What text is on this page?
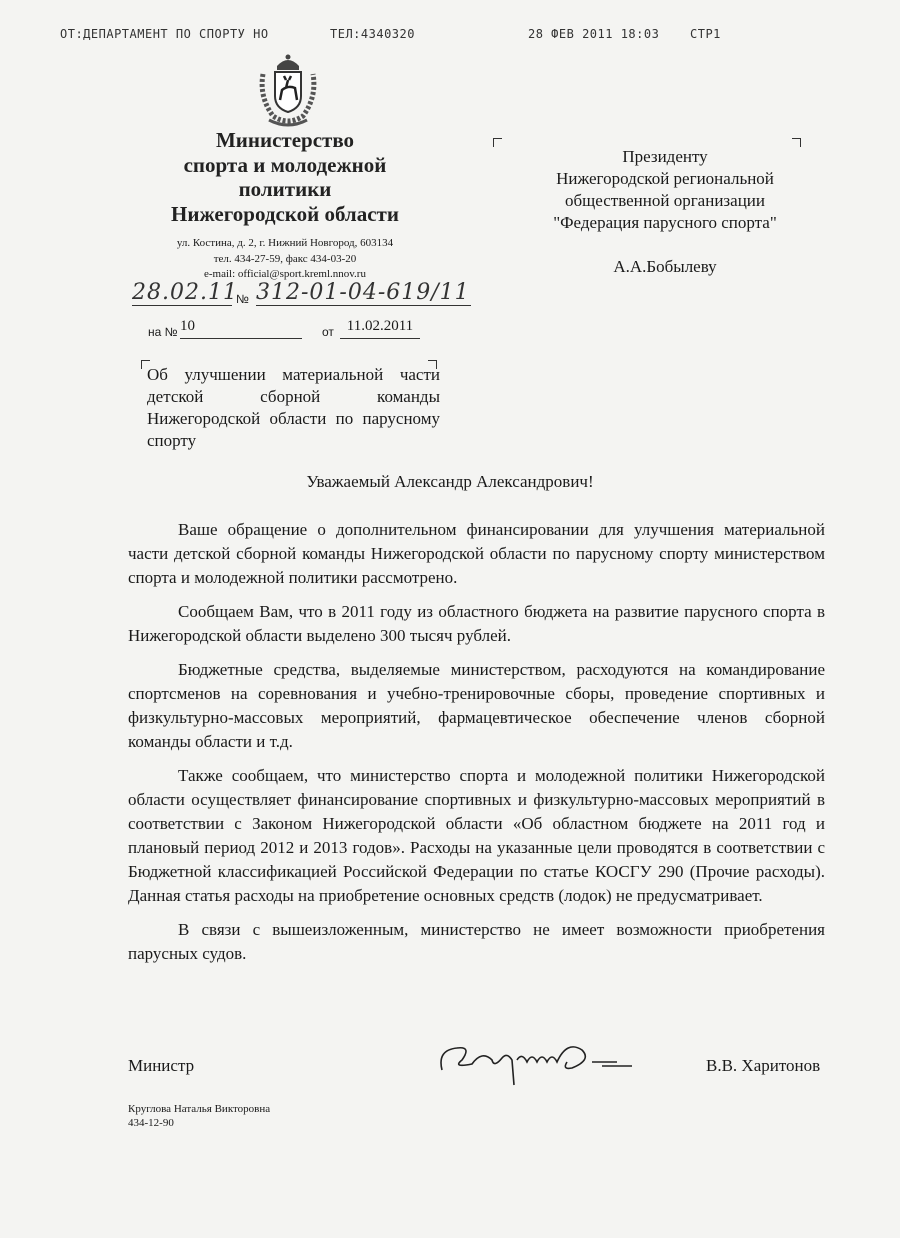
ОТ:ДЕПАРТАМЕНТ ПО СПОРТУ НО	ТЕЛ:4340320	28 ФЕВ 2011 18:03	СТР1
Министерство
спорта и молодежной
политики
Нижегородской области
ул. Костина, д. 2, г. Нижний Новгород, 603134
тел. 434-27-59, факс 434-03-20
e-mail: official@sport.kreml.nnov.ru
28.02.11
№ 312-01-04-619/11
на № 10	от 11.02.2011
Об улучшении материальной части детской сборной команды Нижегородской области по парусному спорту
Президенту
Нижегородской региональной
общественной организации
"Федерация парусного спорта"
А.А.Бобылеву
Уважаемый Александр Александрович!

Ваше обращение о дополнительном финансировании для улучшения материальной части детской сборной команды Нижегородской области по парусному спорту министерством спорта и молодежной политики рассмотрено.

Сообщаем Вам, что в 2011 году из областного бюджета на развитие парусного спорта в Нижегородской области выделено 300 тысяч рублей.

Бюджетные средства, выделяемые министерством, расходуются на командирование спортсменов на соревнования и учебно-тренировочные сборы, проведение спортивных и физкультурно-массовых мероприятий, фармацевтическое обеспечение членов сборной команды области и т.д.

Также сообщаем, что министерство спорта и молодежной политики Нижегородской области осуществляет финансирование спортивных и физкультурно-массовых мероприятий в соответствии с Законом Нижегородской области «Об областном бюджете на 2011 год и плановый период 2012 и 2013 годов». Расходы на указанные цели проводятся в соответствии с Бюджетной классификацией Российской Федерации по статье КОСГУ 290 (Прочие расходы). Данная статья расходы на приобретение основных средств (лодок) не предусматривает.

В связи с вышеизложенным, министерство не имеет возможности приобретения парусных судов.

Министр	В.В. Харитонов
Круглова Наталья Викторовна
434-12-90
